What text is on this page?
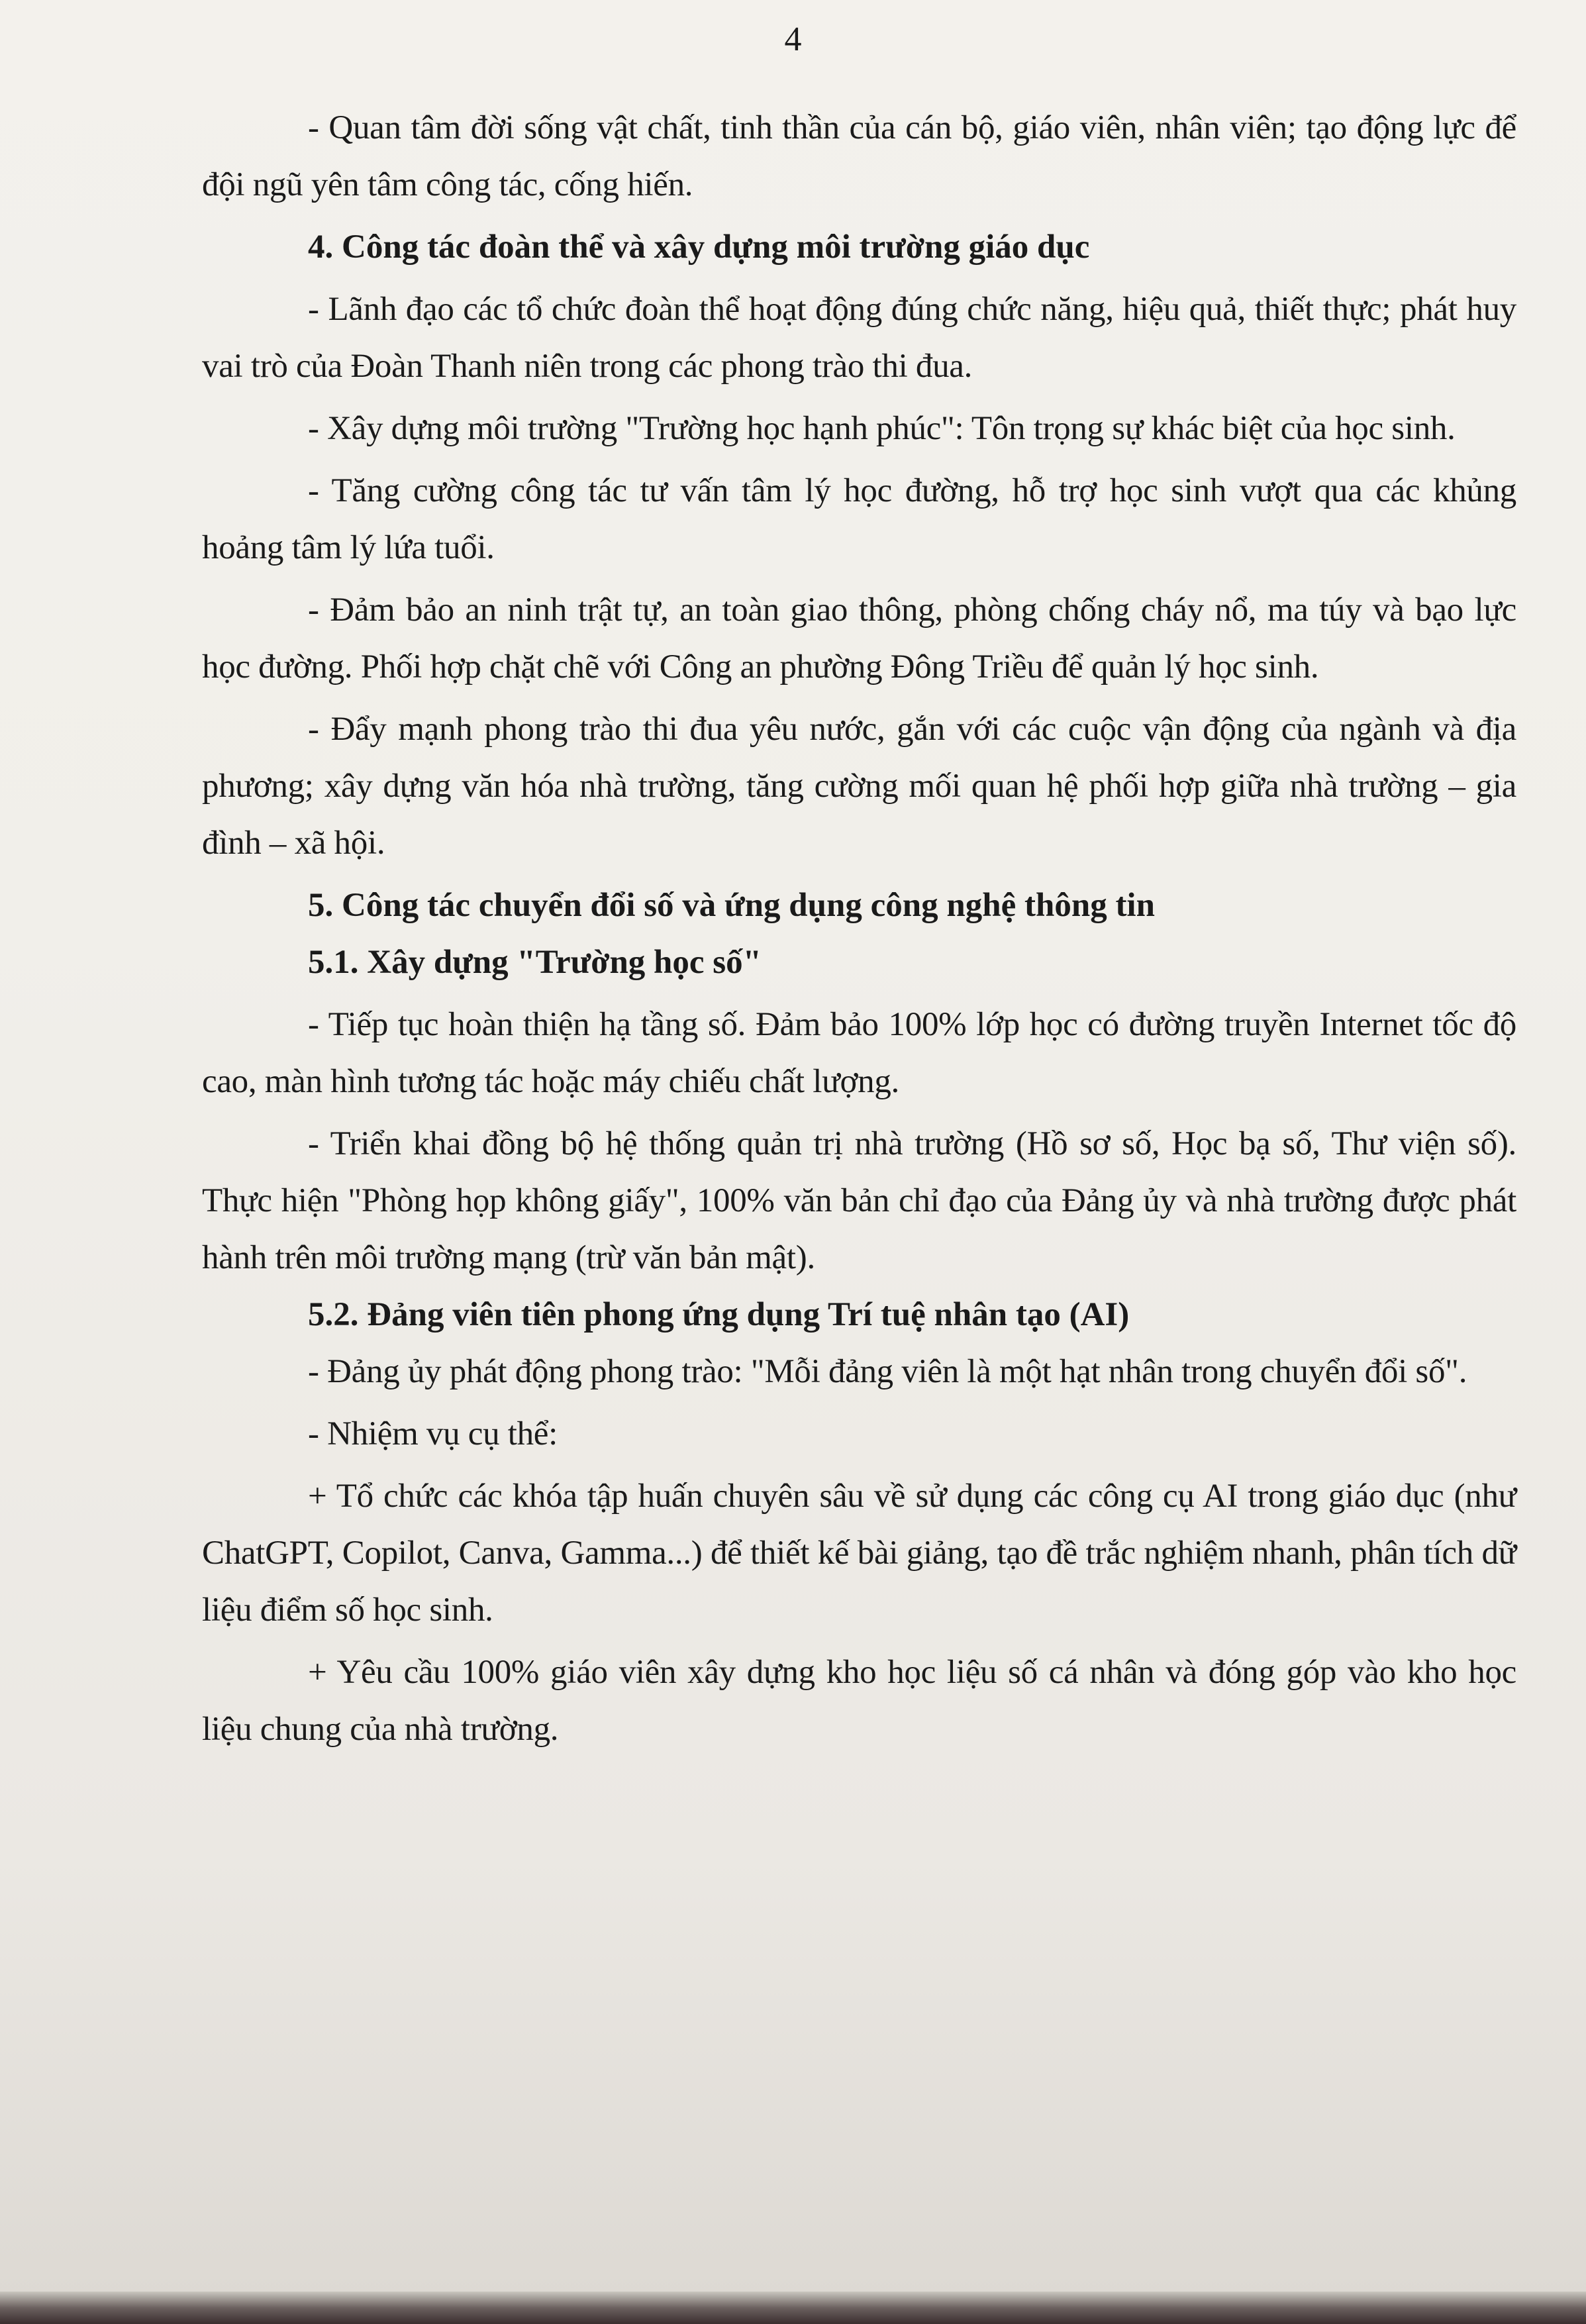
4

- Quan tâm đời sống vật chất, tinh thần của cán bộ, giáo viên, nhân viên; tạo động lực để đội ngũ yên tâm công tác, cống hiến.

4. Công tác đoàn thể và xây dựng môi trường giáo dục

- Lãnh đạo các tổ chức đoàn thể hoạt động đúng chức năng, hiệu quả, thiết thực; phát huy vai trò của Đoàn Thanh niên trong các phong trào thi đua.

- Xây dựng môi trường "Trường học hạnh phúc": Tôn trọng sự khác biệt của học sinh.

- Tăng cường công tác tư vấn tâm lý học đường, hỗ trợ học sinh vượt qua các khủng hoảng tâm lý lứa tuổi.

- Đảm bảo an ninh trật tự, an toàn giao thông, phòng chống cháy nổ, ma túy và bạo lực học đường. Phối hợp chặt chẽ với Công an phường Đông Triều để quản lý học sinh.

- Đẩy mạnh phong trào thi đua yêu nước, gắn với các cuộc vận động của ngành và địa phương; xây dựng văn hóa nhà trường, tăng cường mối quan hệ phối hợp giữa nhà trường – gia đình – xã hội.

5. Công tác chuyển đổi số và ứng dụng công nghệ thông tin

5.1. Xây dựng "Trường học số"

- Tiếp tục hoàn thiện hạ tầng số. Đảm bảo 100% lớp học có đường truyền Internet tốc độ cao, màn hình tương tác hoặc máy chiếu chất lượng.

- Triển khai đồng bộ hệ thống quản trị nhà trường (Hồ sơ số, Học bạ số, Thư viện số). Thực hiện "Phòng họp không giấy", 100% văn bản chỉ đạo của Đảng ủy và nhà trường được phát hành trên môi trường mạng (trừ văn bản mật).

5.2. Đảng viên tiên phong ứng dụng Trí tuệ nhân tạo (AI)

- Đảng ủy phát động phong trào: "Mỗi đảng viên là một hạt nhân trong chuyển đổi số".

- Nhiệm vụ cụ thể:

+ Tổ chức các khóa tập huấn chuyên sâu về sử dụng các công cụ AI trong giáo dục (như ChatGPT, Copilot, Canva, Gamma...) để thiết kế bài giảng, tạo đề trắc nghiệm nhanh, phân tích dữ liệu điểm số học sinh.

+ Yêu cầu 100% giáo viên xây dựng kho học liệu số cá nhân và đóng góp vào kho học liệu chung của nhà trường.
